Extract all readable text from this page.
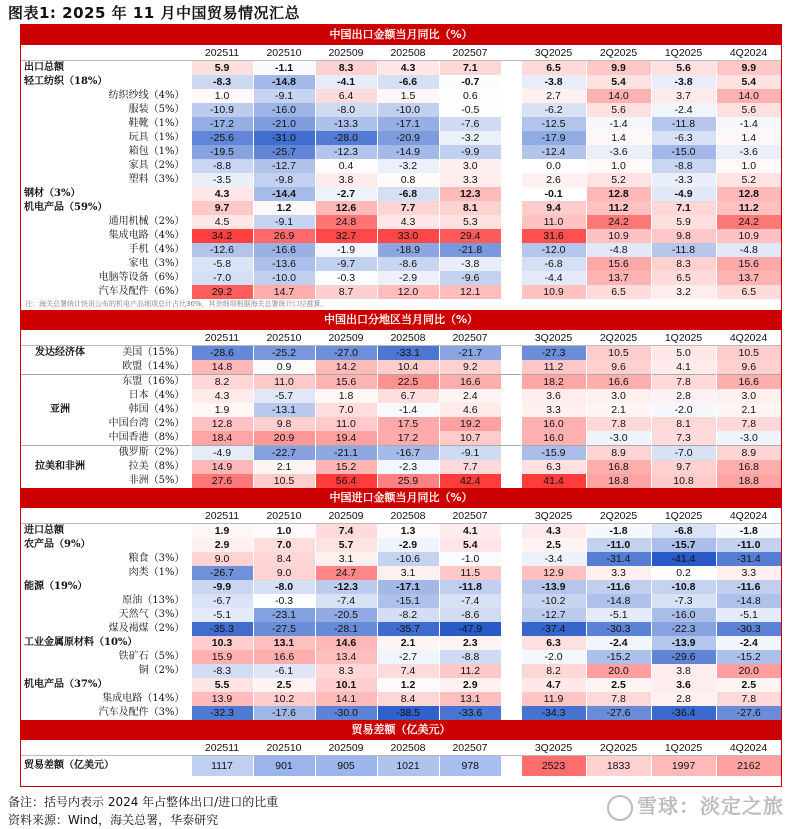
图表1: 2025 年 11 月中国贸易情况汇总
中国出口金额当月同比（%）										
	202511	202510	202509	202508	202507		3Q2025	2Q2025	1Q2025	4Q2024
出口总额	5.9	-1.1	8.3	4.3	7.1		6.5	9.9	5.6	9.9
轻工纺织（18%）	-8.3	-14.8	-4.1	-6.6	-0.7		-3.8	5.4	-3.8	5.4
纺织纱线（4%）	1.0	-9.1	6.4	1.5	0.6		2.7	14.0	3.7	14.0
服装（5%）	-10.9	-16.0	-8.0	-10.0	-0.5		-6.2	5.6	-2.4	5.6
鞋靴（1%）	-17.2	-21.0	-13.3	-17.1	-7.6		-12.5	-1.4	-11.8	-1.4
玩具（1%）	-25.6	-31.0	-28.0	-20.9	-3.2		-17.9	1.4	-6.3	1.4
箱包（1%）	-19.5	-25.7	-12.3	-14.9	-9.9		-12.4	-3.6	-15.0	-3.6
家具（2%）	-8.8	-12.7	0.4	-3.2	3.0		0.0	1.0	-8.8	1.0
塑料（3%）	-3.5	-9.8	3.8	0.8	3.3		2.6	5.2	-3.3	5.2
钢材（3%）	4.3	-14.4	-2.7	-6.8	12.3		-0.1	12.8	-4.9	12.8
机电产品（59%）	9.7	1.2	12.6	7.7	8.1		9.4	11.2	7.1	11.2
通用机械（2%）	4.5	-9.1	24.8	4.3	5.3		11.0	24.2	5.9	24.2
集成电路（4%）	34.2	26.9	32.7	33.0	29.4		31.6	10.9	9.8	10.9
手机（4%）	-12.6	-16.6	-1.9	-18.9	-21.8		-12.0	-4.8	-11.8	-4.8
家电（3%）	-5.8	-13.6	-9.7	-8.6	-3.8		-6.8	15.6	8.3	15.6
电脑等设备（6%）	-7.0	-10.0	-0.3	-2.9	-9.6		-4.4	13.7	6.5	13.7
汽车及配件（6%）	29.2	14.7	8.7	12.0	12.1		10.9	6.5	3.2	6.5
注：海关总署统计快讯公布的机电产品细项总计占比30%，其余细项根据海关总署统计口径推算。										
中国出口分地区当月同比（%）										
	202511	202510	202509	202508	202507		3Q2025	2Q2025	1Q2025	4Q2024

发达经济体 美国（15%）	-28.6	-25.2	-27.0	-33.1	-21.7		-27.3	10.5	5.0	10.5

欧盟（14%）	14.8	0.9	14.2	10.4	9.2		11.2	9.6	4.1	9.6

东盟（16%）	8.2	11.0	15.6	22.5	16.6		18.2	16.6	7.8	16.6

日本（4%）	4.3	-5.7	1.8	6.7	2.4		3.6	3.0	2.8	3.0

亚洲 韩国（4%）	1.9	-13.1	7.0	-1.4	4.6		3.3	2.1	-2.0	2.1

中国台湾（2%）	12.8	9.8	11.0	17.5	19.2		16.0	7.8	8.1	7.8

中国香港（8%）	18.4	20.9	19.4	17.2	10.7		16.0	-3.0	7.3	-3.0

俄罗斯（2%）	-4.9	-22.7	-21.1	-16.7	-9.1		-15.9	8.9	-7.0	8.9

拉美和非洲 拉美（8%）	14.9	2.1	15.2	-2.3	7.7		6.3	16.8	9.7	16.8

非洲（5%）	27.6	10.5	56.4	25.9	42.4		41.4	18.8	10.8	18.8
中国进口金额当月同比（%）										
	202511	202510	202509	202508	202507		3Q2025	2Q2025	1Q2025	4Q2024
进口总额	1.9	1.0	7.4	1.3	4.1		4.3	-1.8	-6.8	-1.8
农产品（9%）	2.9	7.0	5.7	-2.9	5.4		2.5	-11.0	-15.7	-11.0
粮食（3%）	9.0	8.4	3.1	-10.6	-1.0		-3.4	-31.4	-41.4	-31.4
肉类（1%）	-26.7	9.0	24.7	3.1	11.5		12.9	3.3	0.2	3.3
能源（19%）	-9.9	-8.0	-12.3	-17.1	-11.8		-13.9	-11.6	-10.8	-11.6
原油（13%）	-6.7	-0.3	-7.4	-15.1	-7.4		-10.2	-14.8	-7.3	-14.8
天然气（3%）	-5.1	-23.1	-20.5	-8.2	-8.6		-12.7	-5.1	-16.0	-5.1
煤及褐煤（2%）	-35.3	-27.5	-28.1	-35.7	-47.9		-37.4	-30.3	-22.3	-30.3
工业金属原材料（10%）	10.3	13.1	14.6	2.1	2.3		6.3	-2.4	-13.9	-2.4
铁矿石（5%）	15.9	16.6	13.4	-2.7	-8.8		-2.0	-15.2	-29.6	-15.2
铜（2%）	-8.3	-6.1	8.3	7.4	11.2		8.2	20.0	3.8	20.0
机电产品（37%）	5.5	2.5	10.1	1.2	2.9		4.7	2.5	3.6	2.5
集成电路（14%）	13.9	10.2	14.1	8.4	13.1		11.9	7.8	2.8	7.8
汽车及配件（3%）	-32.3	-17.6	-30.0	-38.5	-33.6		-34.3	-27.6	-36.4	-27.6
贸易差额（亿美元）										
	202511	202510	202509	202508	202507		3Q2025	2Q2025	1Q2025	4Q2024
贸易差额（亿美元）	1117	901	905	1021	978		2523	1833	1997	2162
备注：括号内表示 2024 年占整体出口/进口的比重
资料来源：Wind，海关总署，华泰研究
雪球：淡定之旅
